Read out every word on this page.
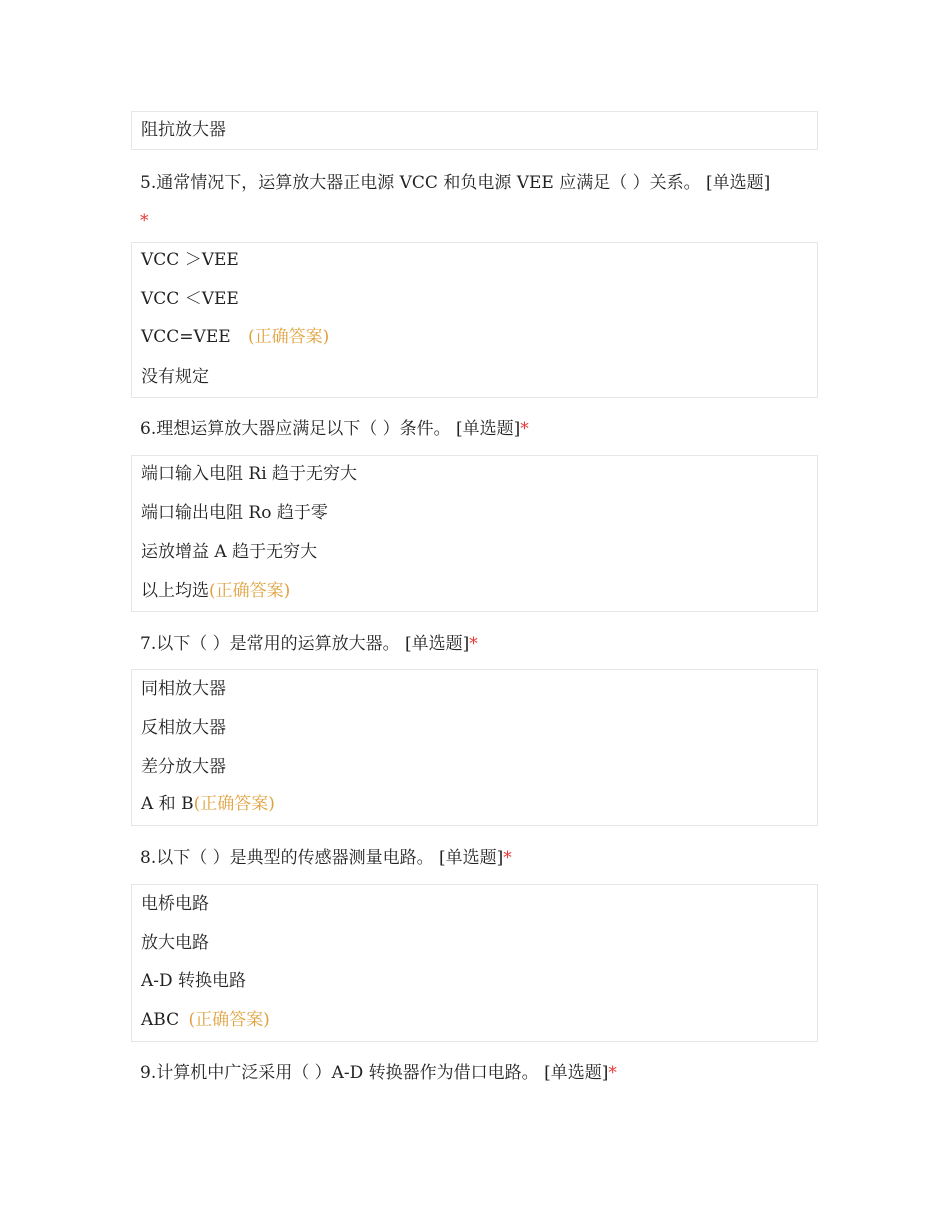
阻抗放大器
5.通常情况下，运算放大器正电源 VCC 和负电源 VEE 应满足（ ）关系。 [单选题]
*
VCC ＞VEE
VCC ＜VEE
VCC=VEE (正确答案)
没有规定
6.理想运算放大器应满足以下（ ）条件。 [单选题]*
端口输入电阻 Ri 趋于无穷大
端口输出电阻 Ro 趋于零
运放增益 A 趋于无穷大
以上均选(正确答案)
7.以下（ ）是常用的运算放大器。 [单选题]*
同相放大器
反相放大器
差分放大器
A 和 B(正确答案)
8.以下（ ）是典型的传感器测量电路。 [单选题]*
电桥电路
放大电路
A-D 转换电路
ABC (正确答案)
9.计算机中广泛采用（ ）A-D 转换器作为借口电路。 [单选题]*
